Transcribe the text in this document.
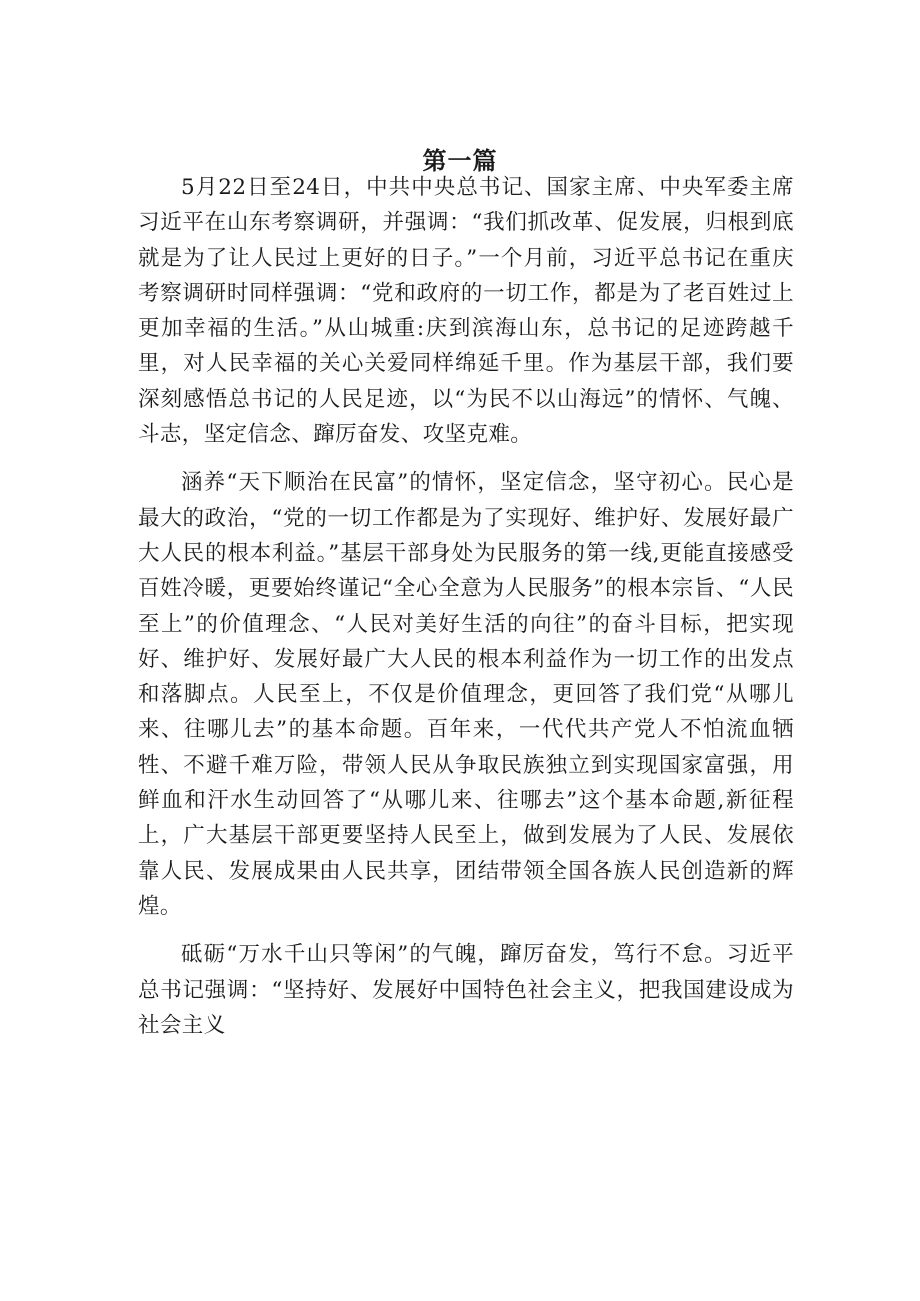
第一篇

5月22日至24日，中共中央总书记、国家主席、中央军委主席习近平在山东考察调研，并强调：“我们抓改革、促发展，归根到底就是为了让人民过上更好的日子。”一个月前，习近平总书记在重庆考察调研时同样强调：“党和政府的一切工作，都是为了老百姓过上更加幸福的生活。”从山城重:庆到滨海山东，总书记的足迹跨越千里，对人民幸福的关心关爱同样绵延千里。作为基层干部，我们要深刻感悟总书记的人民足迹，以“为民不以山海远”的情怀、气魄、斗志，坚定信念、蹿厉奋发、攻坚克难。

涵养“天下顺治在民富”的情怀，坚定信念，坚守初心。民心是最大的政治，“党的一切工作都是为了实现好、维护好、发展好最广大人民的根本利益。”基层干部身处为民服务的第一线,更能直接感受百姓冷暖，更要始终谨记“全心全意为人民服务”的根本宗旨、“人民至上”的价值理念、“人民对美好生活的向往”的奋斗目标，把实现好、维护好、发展好最广大人民的根本利益作为一切工作的出发点和落脚点。人民至上，不仅是价值理念，更回答了我们党“从哪儿来、往哪儿去”的基本命题。百年来，一代代共产党人不怕流血牺牲、不避千难万险，带领人民从争取民族独立到实现国家富强，用鲜血和汗水生动回答了“从哪儿来、往哪去”这个基本命题,新征程上，广大基层干部更要坚持人民至上，做到发展为了人民、发展依靠人民、发展成果由人民共享，团结带领全国各族人民创造新的辉煌。

砥砺“万水千山只等闲”的气魄，蹿厉奋发，笃行不怠。习近平总书记强调：“坚持好、发展好中国特色社会主义，把我国建设成为社会主义
